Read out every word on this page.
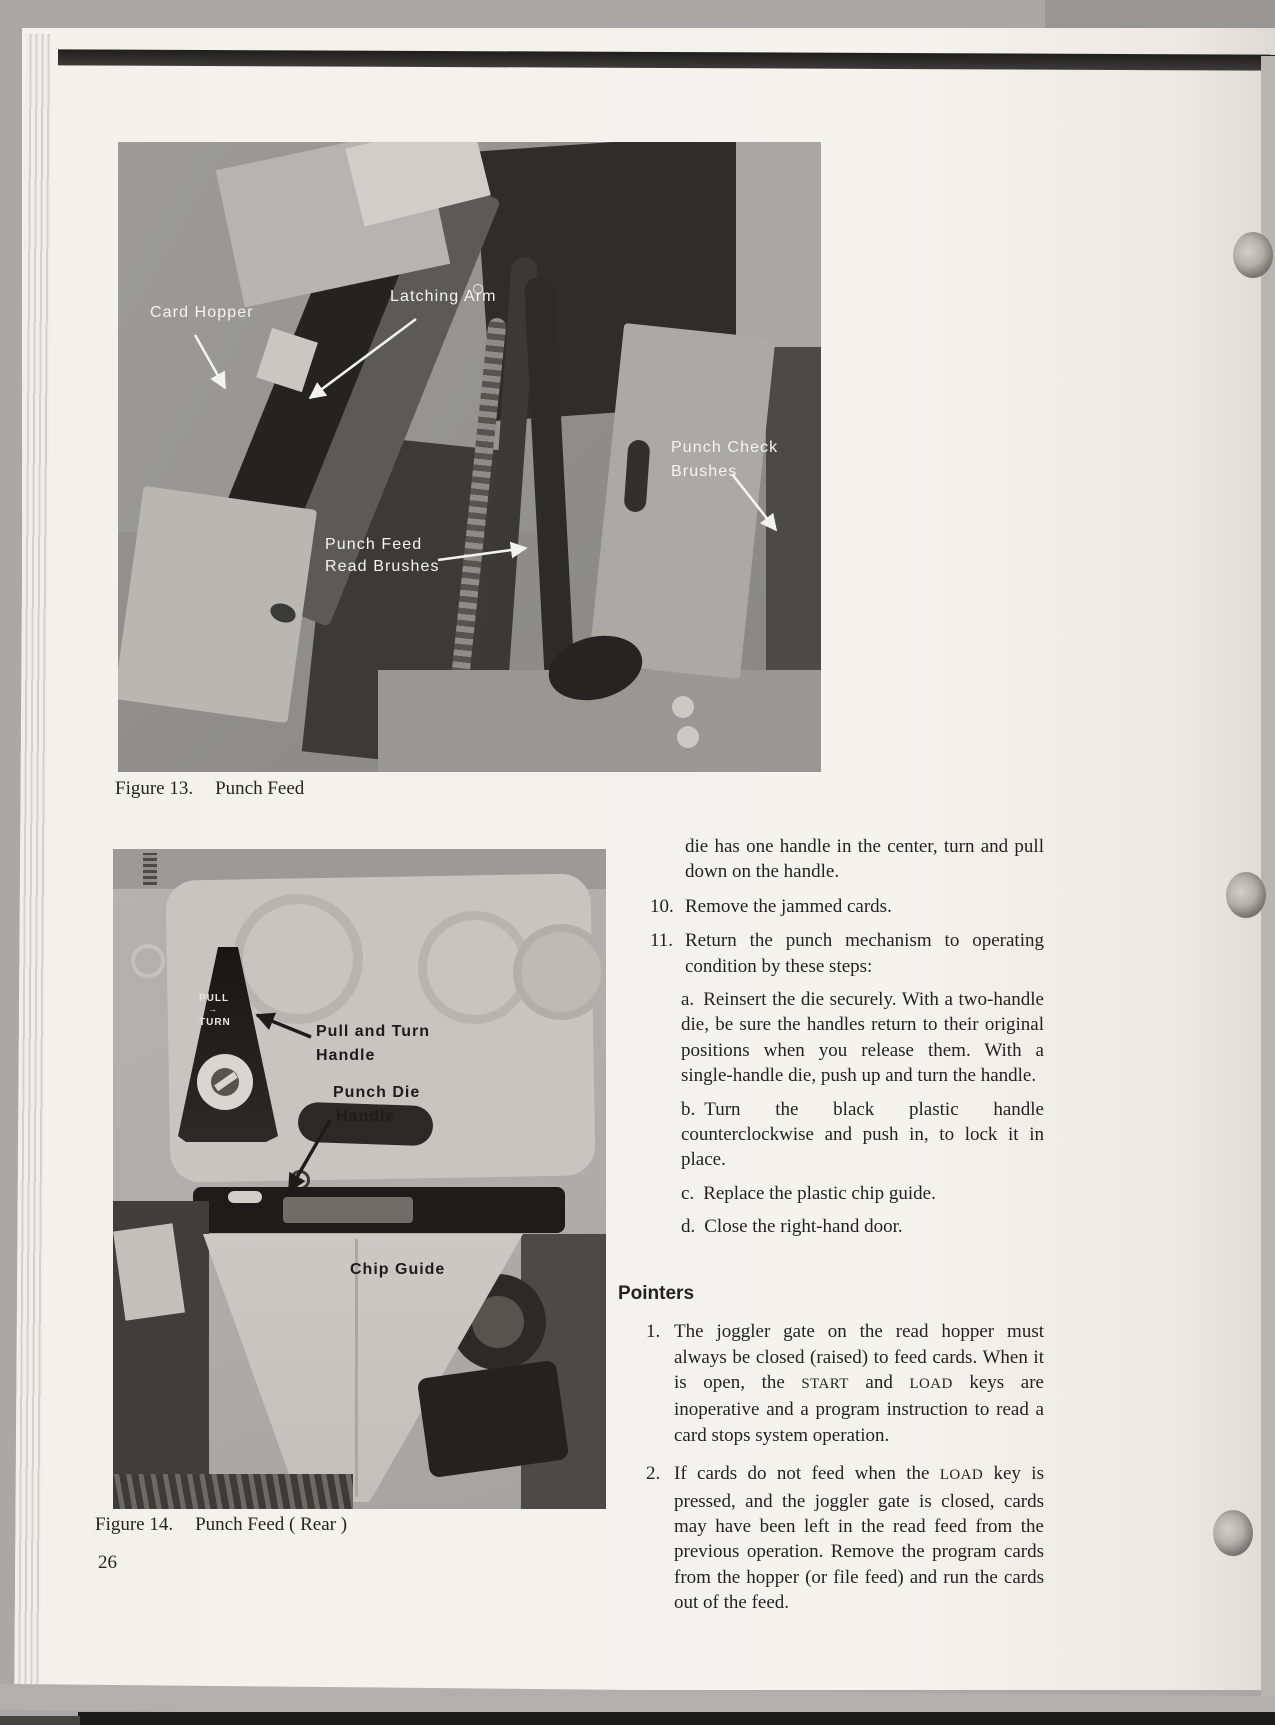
Card Hopper
Latching Arm
Punch Feed
Read Brushes
Punch Check
Brushes
Figure 13. Punch Feed
PULL
→
TURN
Pull and Turn
Handle
Punch Die
Handle
Chip Guide
Figure 14. Punch Feed ( Rear )
26

die has one handle in the center, turn and pull down on the handle.

10. Remove the jammed cards.
11. Return the punch mechanism to operating condition by these steps:

a. Reinsert the die securely. With a two-handle die, be sure the handles return to their original positions when you release them. With a single-handle die, push up and turn the handle.

b. Turn the black plastic handle counterclockwise and push in, to lock it in place.

c. Replace the plastic chip guide.

d. Close the right-hand door.

Pointers

1. The joggler gate on the read hopper must always be closed (raised) to feed cards. When it is open, the START and LOAD keys are inoperative and a program instruction to read a card stops system operation.
2. If cards do not feed when the LOAD key is pressed, and the joggler gate is closed, cards may have been left in the read feed from the previous operation. Remove the program cards from the hopper (or file feed) and run the cards out of the feed.
